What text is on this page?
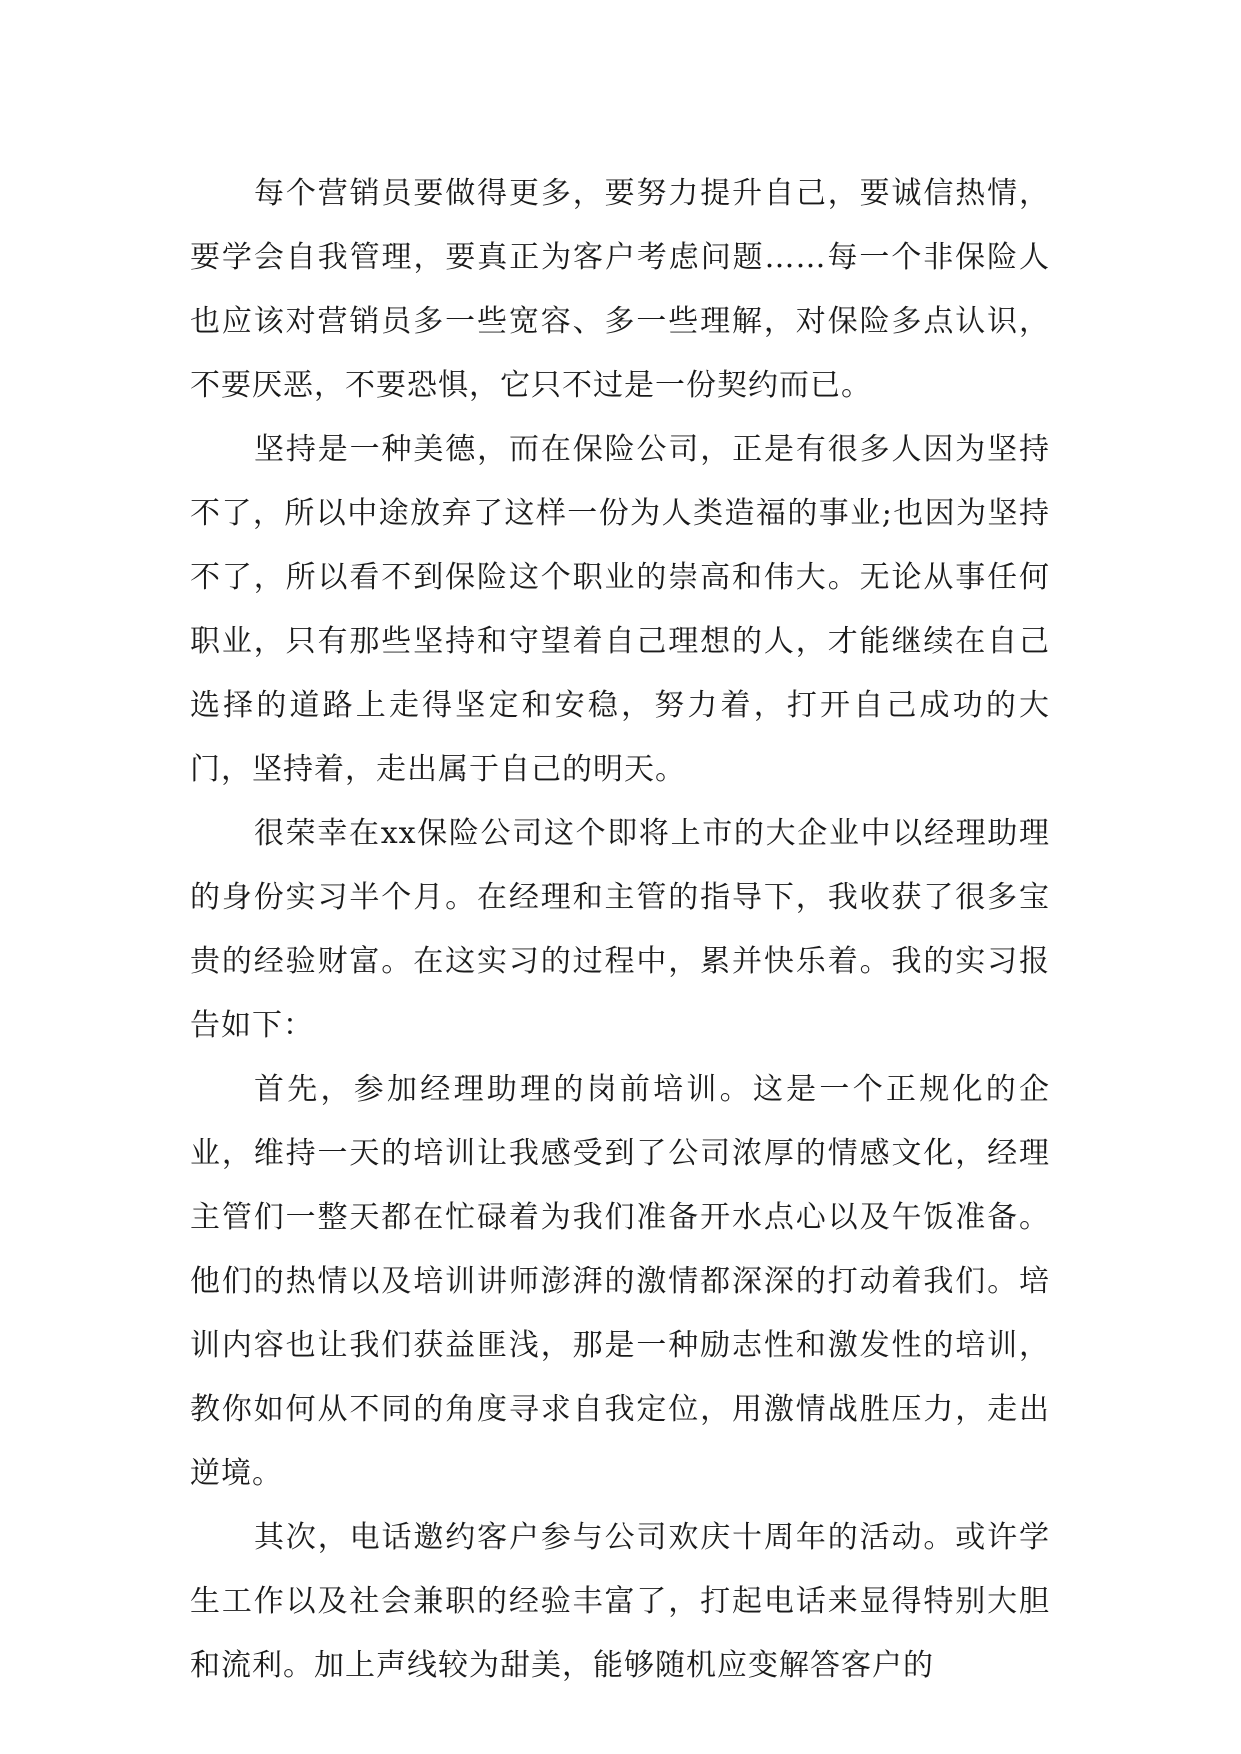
每个营销员要做得更多，要努力提升自己，要诚信热情，要学会自我管理，要真正为客户考虑问题……每一个非保险人也应该对营销员多一些宽容、多一些理解，对保险多点认识，不要厌恶，不要恐惧，它只不过是一份契约而已。

坚持是一种美德，而在保险公司，正是有很多人因为坚持不了，所以中途放弃了这样一份为人类造福的事业;也因为坚持不了，所以看不到保险这个职业的崇高和伟大。无论从事任何职业，只有那些坚持和守望着自己理想的人，才能继续在自己选择的道路上走得坚定和安稳，努力着，打开自己成功的大门，坚持着，走出属于自己的明天。

很荣幸在xx保险公司这个即将上市的大企业中以经理助理的身份实习半个月。在经理和主管的指导下，我收获了很多宝贵的经验财富。在这实习的过程中，累并快乐着。我的实习报告如下：

首先，参加经理助理的岗前培训。这是一个正规化的企业，维持一天的培训让我感受到了公司浓厚的情感文化，经理主管们一整天都在忙碌着为我们准备开水点心以及午饭准备。他们的热情以及培训讲师澎湃的激情都深深的打动着我们。培训内容也让我们获益匪浅，那是一种励志性和激发性的培训，教你如何从不同的角度寻求自我定位，用激情战胜压力，走出逆境。

其次，电话邀约客户参与公司欢庆十周年的活动。或许学生工作以及社会兼职的经验丰富了，打起电话来显得特别大胆和流利。加上声线较为甜美，能够随机应变解答客户的
